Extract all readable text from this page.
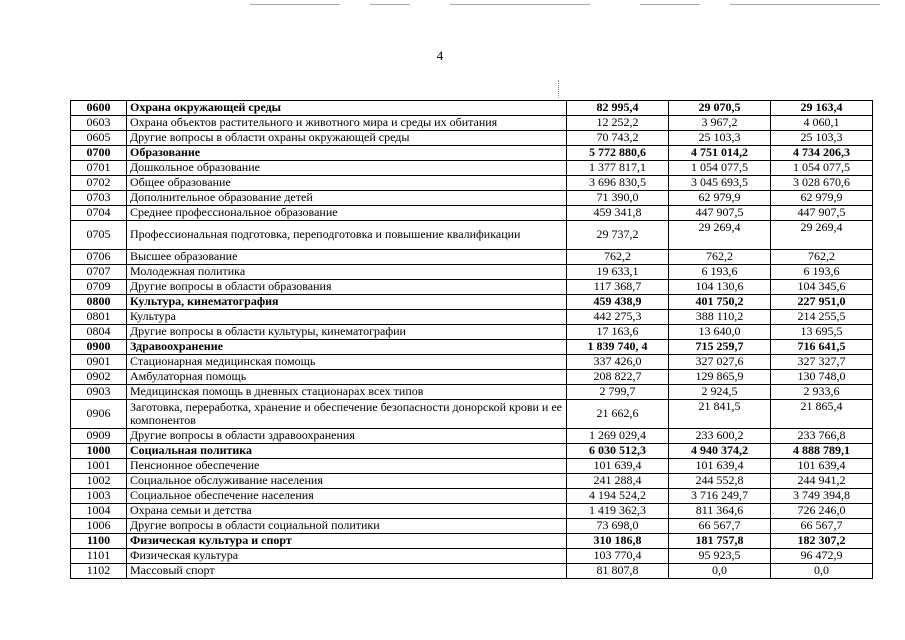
4
0600	Охрана окружающей среды	82 995,4	29 070,5	29 163,4
0603	Охрана объектов растительного и животного мира и среды их обитания	12 252,2	3 967,2	4 060,1
0605	Другие вопросы в области охраны окружающей среды	70 743,2	25 103,3	25 103,3
0700	Образование	5 772 880,6	4 751 014,2	4 734 206,3
0701	Дошкольное образование	1 377 817,1	1 054 077,5	1 054 077,5
0702	Общее образование	3 696 830,5	3 045 693,5	3 028 670,6
0703	Дополнительное образование детей	71 390,0	62 979,9	62 979,9
0704	Среднее профессиональное образование	459 341,8	447 907,5	447 907,5
0705	Профессиональная подготовка, переподготовка и повышение квалификации	29 737,2	29 269,4	29 269,4
0706	Высшее образование	762,2	762,2	762,2
0707	Молодежная политика	19 633,1	6 193,6	6 193,6
0709	Другие вопросы в области образования	117 368,7	104 130,6	104 345,6
0800	Культура, кинематография	459 438,9	401 750,2	227 951,0
0801	Культура	442 275,3	388 110,2	214 255,5
0804	Другие вопросы в области культуры, кинематографии	17 163,6	13 640,0	13 695,5
0900	Здравоохранение	1 839 740, 4	715 259,7	716 641,5
0901	Стационарная медицинская помощь	337 426,0	327 027,6	327 327,7
0902	Амбулаторная помощь	208 822,7	129 865,9	130 748,0
0903	Медицинская помощь в дневных стационарах всех типов	2 799,7	2 924,5	2 933,6
0906	Заготовка, переработка, хранение и обеспечение безопасности донорской крови и ее компонентов	21 662,6	21 841,5	21 865,4
0909	Другие вопросы в области здравоохранения	1 269 029,4	233 600,2	233 766,8
1000	Социальная политика	6 030 512,3	4 940 374,2	4 888 789,1
1001	Пенсионное обеспечение	101 639,4	101 639,4	101 639,4
1002	Социальное обслуживание населения	241 288,4	244 552,8	244 941,2
1003	Социальное обеспечение населения	4 194 524,2	3 716 249,7	3 749 394,8
1004	Охрана семьи и детства	1 419 362,3	811 364,6	726 246,0
1006	Другие вопросы в области социальной политики	73 698,0	66 567,7	66 567,7
1100	Физическая культура и спорт	310 186,8	181 757,8	182 307,2
1101	Физическая культура	103 770,4	95 923,5	96 472,9
1102	Массовый спорт	81 807,8	0,0	0,0
